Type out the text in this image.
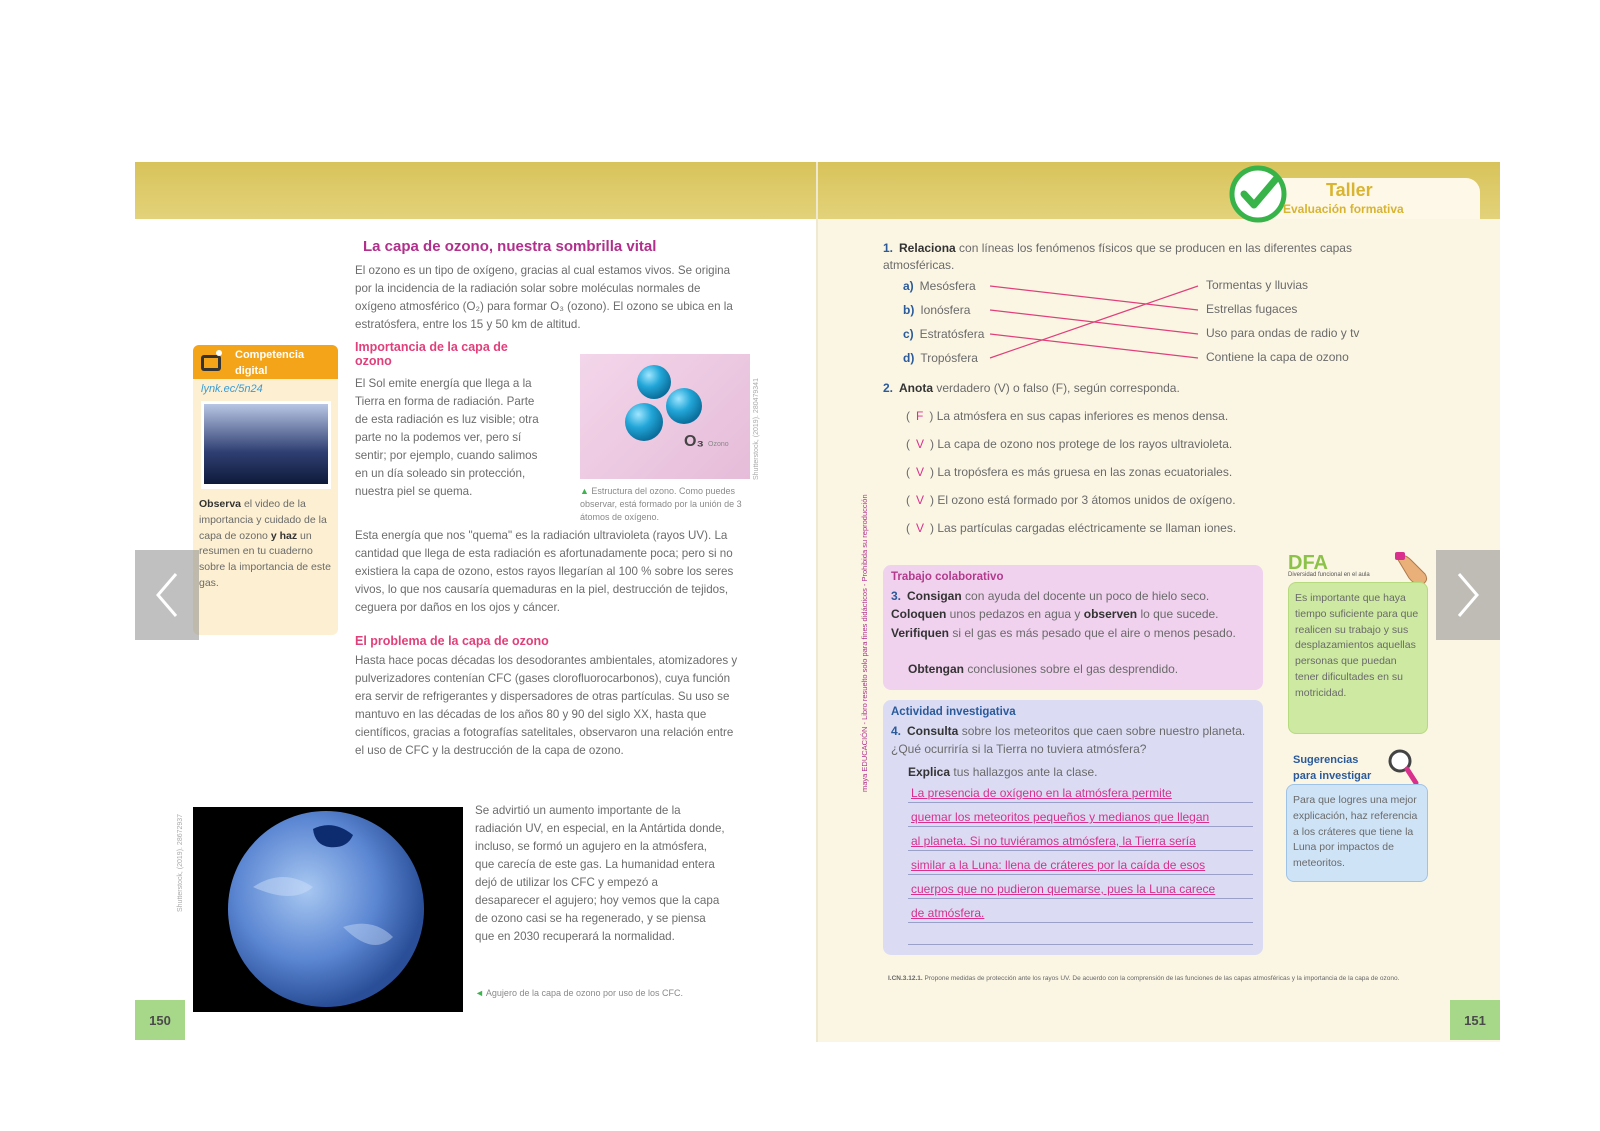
La capa de ozono, nuestra sombrilla vital

El ozono es un tipo de oxígeno, gracias al cual estamos vivos. Se origina por la incidencia de la radiación solar sobre moléculas normales de oxígeno atmosférico (O₂) para formar O₃ (ozono). El ozono se ubica en la estratósfera, entre los 15 y 50 km de altitud.

Importancia de la capa de ozono

El Sol emite energía que llega a la Tierra en forma de radiación. Parte de esta radiación es luz visible; otra parte no la podemos ver, pero sí sentir; por ejemplo, cuando salimos en un día soleado sin protección, nuestra piel se quema.

O₃ Ozono	Shutterstock, (2019). 280479341

▲ Estructura del ozono. Como puedes observar, está formado por la unión de 3 átomos de oxígeno.

Esta energía que nos "quema" es la radiación ultravioleta (rayos UV). La cantidad que llega de esta radiación es afortunadamente poca; pero si no existiera la capa de ozono, estos rayos llegarían al 100 % sobre los seres vivos, lo que nos causaría quemaduras en la piel, destrucción de tejidos, ceguera por daños en los ojos y cáncer.

El problema de la capa de ozono

Hasta hace pocas décadas los desodorantes ambientales, atomizadores y pulverizadores contenían CFC (gases clorofluorocarbonos), cuya función era servir de refrigerantes y dispersadores de otras partículas. Su uso se mantuvo en las décadas de los años 80 y 90 del siglo XX, hasta que científicos, gracias a fotografías satelitales, observaron una relación entre el uso de CFC y la destrucción de la capa de ozono.

Shutterstock, (2019). 28672937

Se advirtió un aumento importante de la radiación UV, en especial, en la Antártida donde, incluso, se formó un agujero en la atmósfera, que carecía de este gas. La humanidad entera dejó de utilizar los CFC y empezó a desaparecer el agujero; hoy vemos que la capa de ozono casi se ha regenerado, y se piensa que en 2030 recuperará la normalidad.

◄ Agujero de la capa de ozono por uso de los CFC.

Competencia digital
lynk.ec/5n24

Observa el video de la importancia y cuidado de la capa de ozono y haz un resumen en tu cuaderno sobre la importancia de este gas.

150
Taller
Evaluación formativa
maya EDUCACIÓN - Libro resuelto solo para fines didácticos - Prohibida su reproducción
1. Relaciona con líneas los fenómenos físicos que se producen en las diferentes capas atmosféricas.
a) Mesósfera
b) Ionósfera
c) Estratósfera
d) Tropósfera
Tormentas y lluvias
Estrellas fugaces
Uso para ondas de radio y tv
Contiene la capa de ozono
2. Anota verdadero (V) o falso (F), según corresponda.
( F ) La atmósfera en sus capas inferiores es menos densa.
( V ) La capa de ozono nos protege de los rayos ultravioleta.
( V ) La tropósfera es más gruesa en las zonas ecuatoriales.
( V ) El ozono está formado por 3 átomos unidos de oxígeno.
( V ) Las partículas cargadas eléctricamente se llaman iones.
Trabajo colaborativo
3. Consigan con ayuda del docente un poco de hielo seco. Coloquen unos pedazos en agua y observen lo que sucede. Verifiquen si el gas es más pesado que el aire o menos pesado.
Obtengan conclusiones sobre el gas desprendido.
Actividad investigativa
4. Consulta sobre los meteoritos que caen sobre nuestro planeta. ¿Qué ocurriría si la Tierra no tuviera atmósfera?
Explica tus hallazgos ante la clase.
La presencia de oxígeno en la atmósfera permite
quemar los meteoritos pequeños y medianos que llegan
al planeta. Si no tuviéramos atmósfera, la Tierra sería
similar a la Luna: llena de cráteres por la caída de esos
cuerpos que no pudieron quemarse, pues la Luna carece
de atmósfera.
DFA
Diversidad funcional en el aula

Es importante que haya tiempo suficiente para que realicen su trabajo y sus desplazamientos aquellas personas que puedan tener dificultades en su motricidad.

Sugerencias
para investigar

Para que logres una mejor explicación, haz referencia a los cráteres que tiene la Luna por impactos de meteoritos.

I.CN.3.12.1. Propone medidas de protección ante los rayos UV. De acuerdo con la comprensión de las funciones de las capas atmosféricas y la importancia de la capa de ozono.
151
